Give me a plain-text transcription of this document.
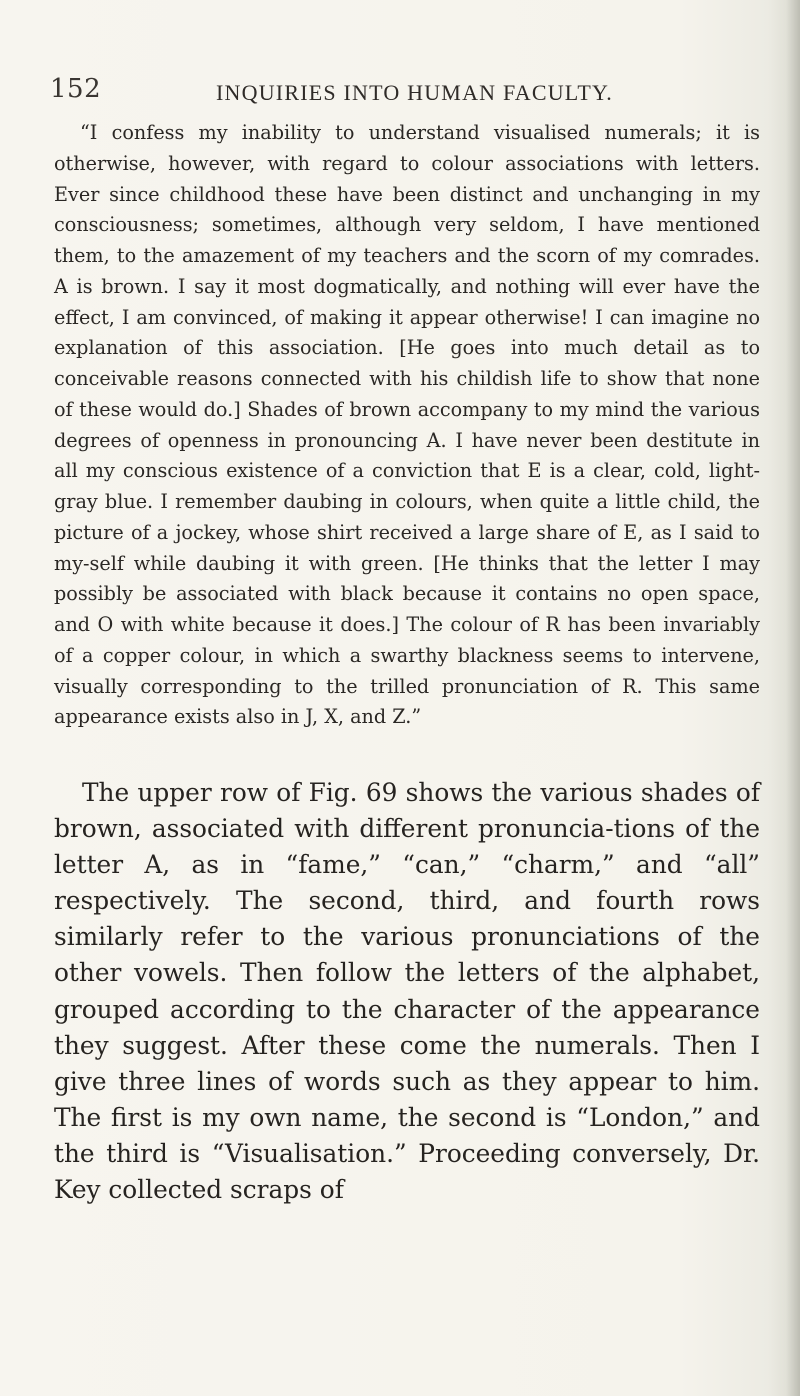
152	INQUIRIES INTO HUMAN FACULTY.

“I confess my inability to understand visualised numerals; it is otherwise, however, with regard to colour associations with letters. Ever since childhood these have been distinct and unchanging in my consciousness; sometimes, although very seldom, I have mentioned them, to the amazement of my teachers and the scorn of my comrades. A is brown. I say it most dogmatically, and nothing will ever have the effect, I am convinced, of making it appear otherwise! I can imagine no explanation of this association. [He goes into much detail as to conceivable reasons connected with his childish life to show that none of these would do.] Shades of brown accompany to my mind the various degrees of openness in pronouncing A. I have never been destitute in all my conscious existence of a conviction that E is a clear, cold, light-gray blue. I remember daubing in colours, when quite a little child, the picture of a jockey, whose shirt received a large share of E, as I said to my-self while daubing it with green. [He thinks that the letter I may possibly be associated with black because it contains no open space, and O with white because it does.] The colour of R has been invariably of a copper colour, in which a swarthy blackness seems to intervene, visually corresponding to the trilled pronunciation of R. This same appearance exists also in J, X, and Z.”

The upper row of Fig. 69 shows the various shades of brown, associated with different pronuncia-tions of the letter A, as in “fame,” “can,” “charm,” and “all” respectively. The second, third, and fourth rows similarly refer to the various pronunciations of the other vowels. Then follow the letters of the alphabet, grouped according to the character of the appearance they suggest. After these come the numerals. Then I give three lines of words such as they appear to him. The first is my own name, the second is “London,” and the third is “Visualisation.” Proceeding conversely, Dr. Key collected scraps of
